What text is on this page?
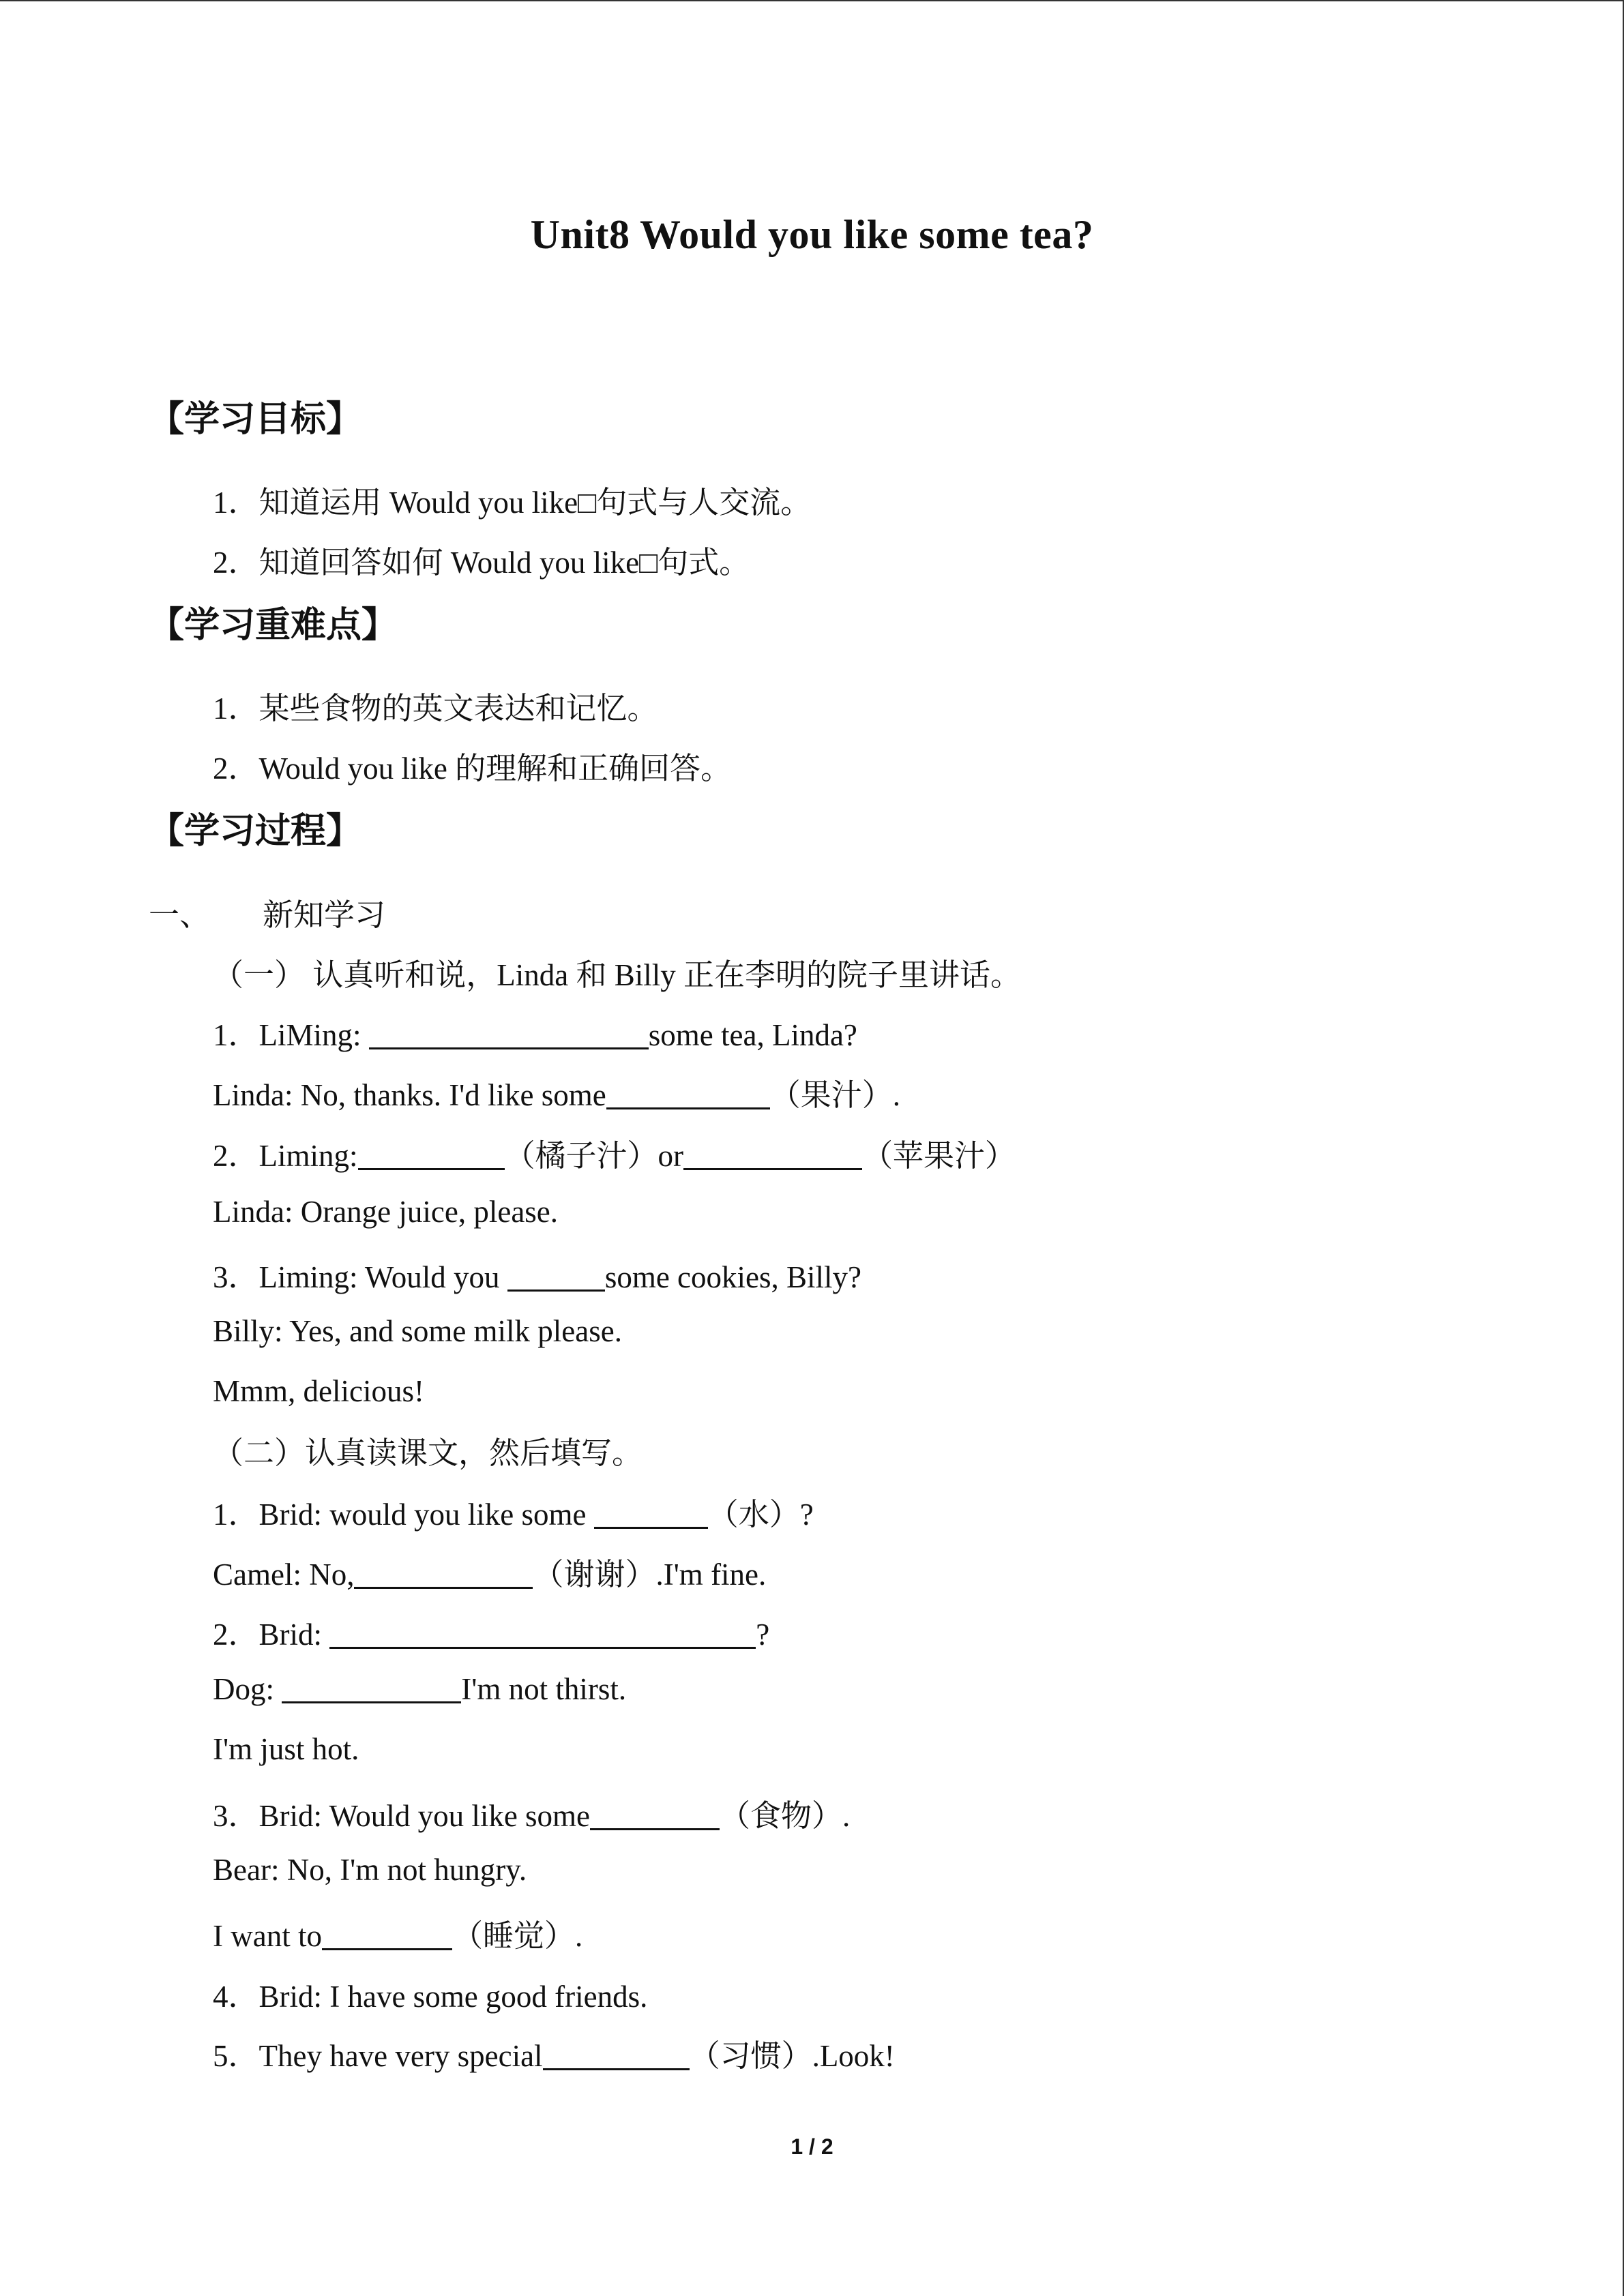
Unit8 Would you like some tea?
【学习目标】
1．知道运用 Would you like□句式与人交流。
2．知道回答如何 Would you like□句式。
【学习重难点】
1．某些食物的英文表达和记忆。
2．Would you like 的理解和正确回答。
【学习过程】
一、 新知学习
（一） 认真听和说，Linda 和 Billy 正在李明的院子里讲话。
1．LiMing:	some tea, Linda?
Linda: No, thanks. I'd like some	（果汁）.
2．Liming:	（橘子汁）or	（苹果汁）
Linda: Orange juice, please.
3．Liming: Would you	some cookies, Billy?
Billy: Yes, and some milk please.
Mmm, delicious!
（二）认真读课文，然后填写。
1．Brid: would you like some	（水）?
Camel: No,	（谢谢）.I'm fine.
2．Brid:	?
Dog:	I'm not thirst.
I'm just hot.
3．Brid: Would you like some	（食物）.
Bear: No, I'm not hungry.
I want to	（睡觉）.
4．Brid: I have some good friends.
5．They have very special	（习惯）.Look!
1 / 2
